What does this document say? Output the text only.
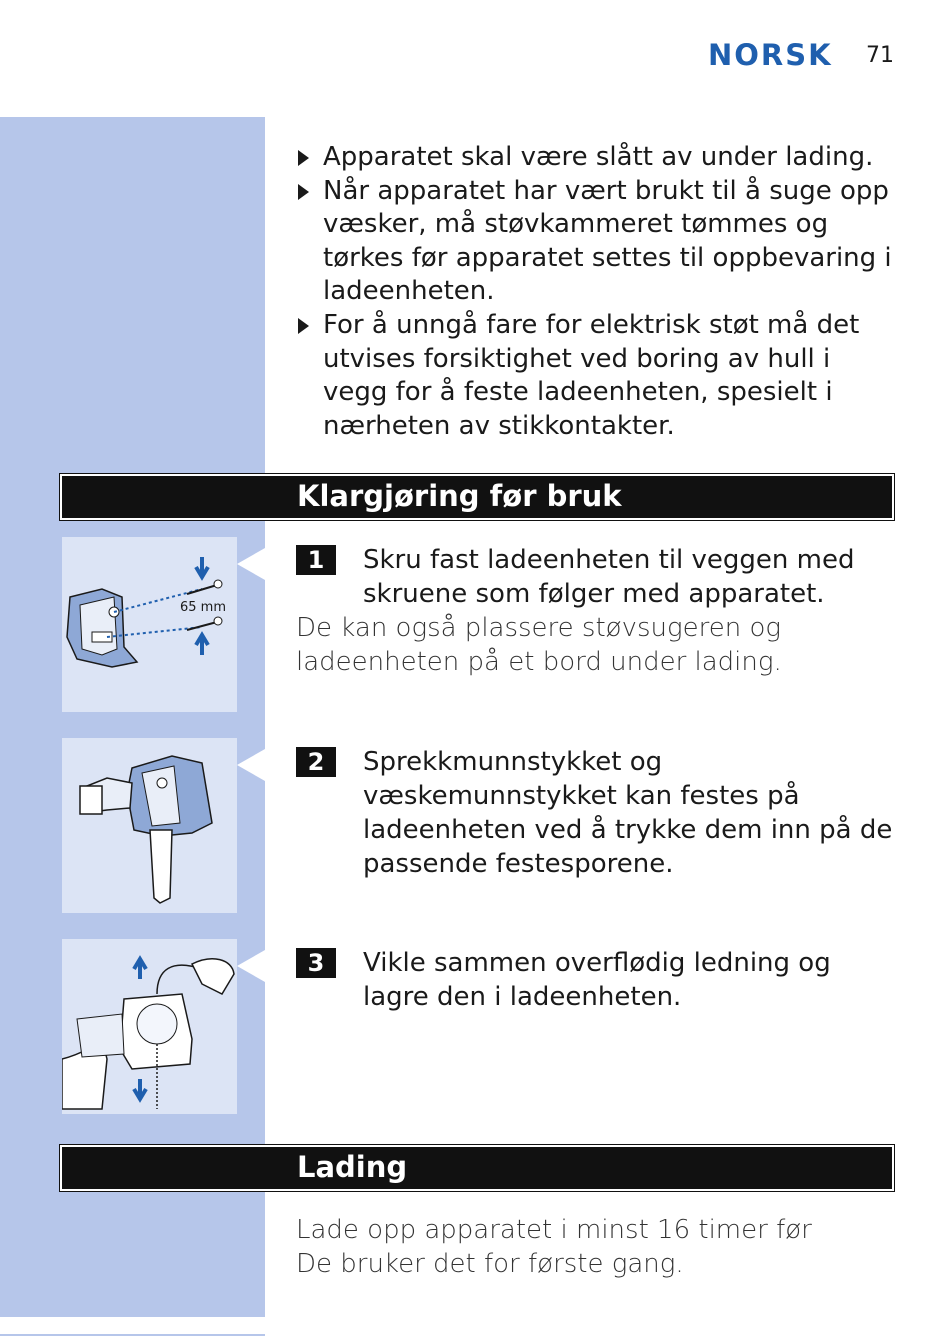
NORSK 71
Apparatet skal være slått av under lading.
Når apparatet har vært brukt til å suge opp væsker, må støvkammeret tømmes og tørkes før apparatet settes til oppbevaring i ladeenheten.
For å unngå fare for elektrisk støt må det utvises forsiktighet ved boring av hull i vegg for å feste ladeenheten, spesielt i nærheten av stikkontakter.
Klargjøring før bruk
65 mm
1	Skru fast ladeenheten til veggen med skruene som følger med apparatet.
De kan også plassere støvsugeren og ladeenheten på et bord under lading.
2	Sprekkmunnstykket og væskemunnstykket kan festes på ladeenheten ved å trykke dem inn på de passende festesporene.
3	Vikle sammen overflødig ledning og lagre den i ladeenheten.
Lading
Lade opp apparatet i minst 16 timer før De bruker det for første gang.
